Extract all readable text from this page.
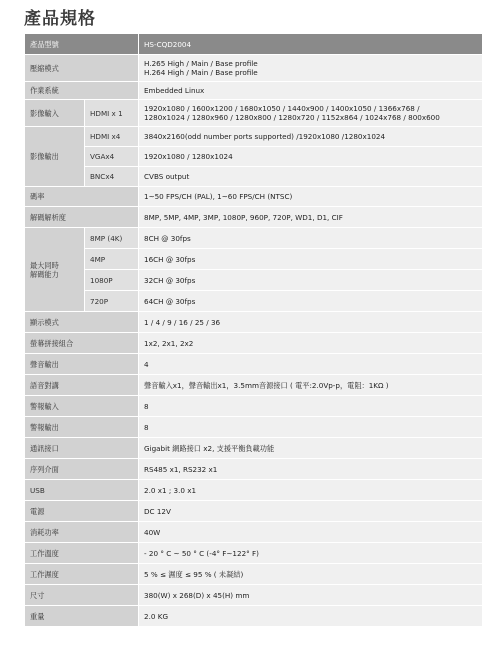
產品規格
產品型號		HS-CQD2004
壓縮模式		H.265 High / Main / Base profile
H.264 High / Main / Base profile

作業系統		Embedded Linux
影像輸入	HDMI x 1	1920x1080 / 1600x1200 / 1680x1050 / 1440x900 / 1400x1050 / 1366x768 /
1280x1024 / 1280x960 / 1280x800 / 1280x720 / 1152x864 / 1024x768 / 800x600

影像輸出	HDMI x4	3840x2160(odd number ports supported) /1920x1080 /1280x1024
	VGAx4	1920x1080 / 1280x1024
	BNCx4	CVBS output
碼率		1~50 FPS/CH (PAL), 1~60 FPS/CH (NTSC)
解碼解析度		8MP, 5MP, 4MP, 3MP, 1080P, 960P, 720P, WD1, D1, CIF

最大同時
解碼能力	8MP (4K)	8CH @ 30fps
	4MP	16CH @ 30fps
	1080P	32CH @ 30fps
	720P	64CH @ 30fps
顯示模式		1 / 4 / 9 / 16 / 25 / 36
螢幕拼接組合		1x2, 2x1, 2x2
聲音輸出		4
語音對講		聲音輸入x1，聲音輸出x1，3.5mm音源接口 ( 電平:2.0Vp-p，電阻：1KΩ )
警報輸入		8
警報輸出		8
通訊接口		Gigabit 網路接口 x2, 支援平衡負載功能
序列介面		RS485 x1, RS232 x1
USB		2.0 x1 ; 3.0 x1
電源		DC 12V
消耗功率		40W
工作溫度		- 20 ° C ~ 50 ° C (-4° F~122° F)
工作濕度		5 % ≤ 濕度 ≤ 95 % ( 未凝結)
尺寸		380(W) x 268(D) x 45(H) mm
重量		2.0 KG
